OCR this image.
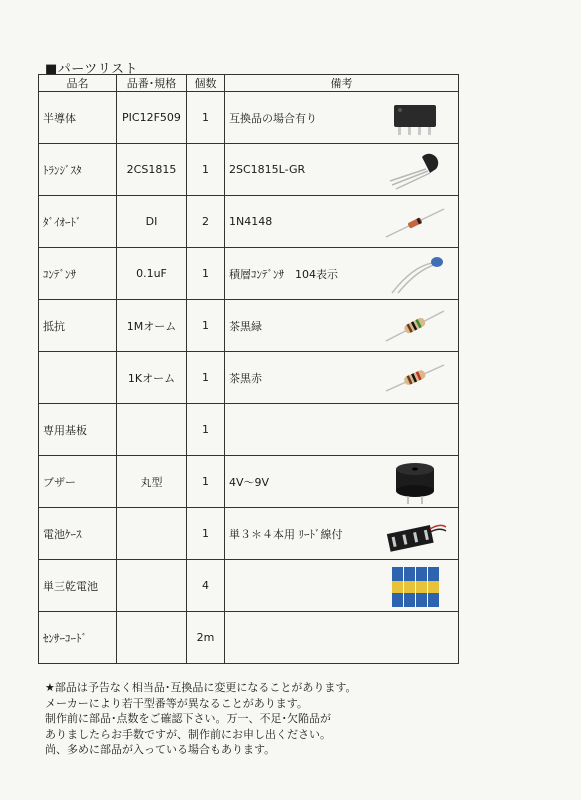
■パーツリスト
品名	品番･規格	個数	備考
半導体	PIC12F509	1	互換品の場合有り

ﾄﾗﾝｼﾞｽﾀ	2CS1815	1	2SC1815L-GR

ﾀﾞｲｵｰﾄﾞ	DI	2	1N4148

ｺﾝﾃﾞﾝｻ	0.1uF	1	積層ｺﾝﾃﾞﾝｻ　104表示

抵抗	1Mオーム	1	茶黒緑

	1Kオーム	1	茶黒赤

専用基板		1	

ブザー	丸型	1	4V～9V

電池ｹｰｽ		1	単３＊４本用 ﾘｰﾄﾞ線付

単三乾電池		4	

ｾﾝｻｰｺｰﾄﾞ		2m	
★部品は予告なく相当品･互換品に変更になることがあります。
メーカーにより若干型番等が異なることがあります。
制作前に部品･点数をご確認下さい。万一、不足･欠陥品が
ありましたらお手数ですが、制作前にお申し出ください。
尚、多めに部品が入っている場合もあります。
